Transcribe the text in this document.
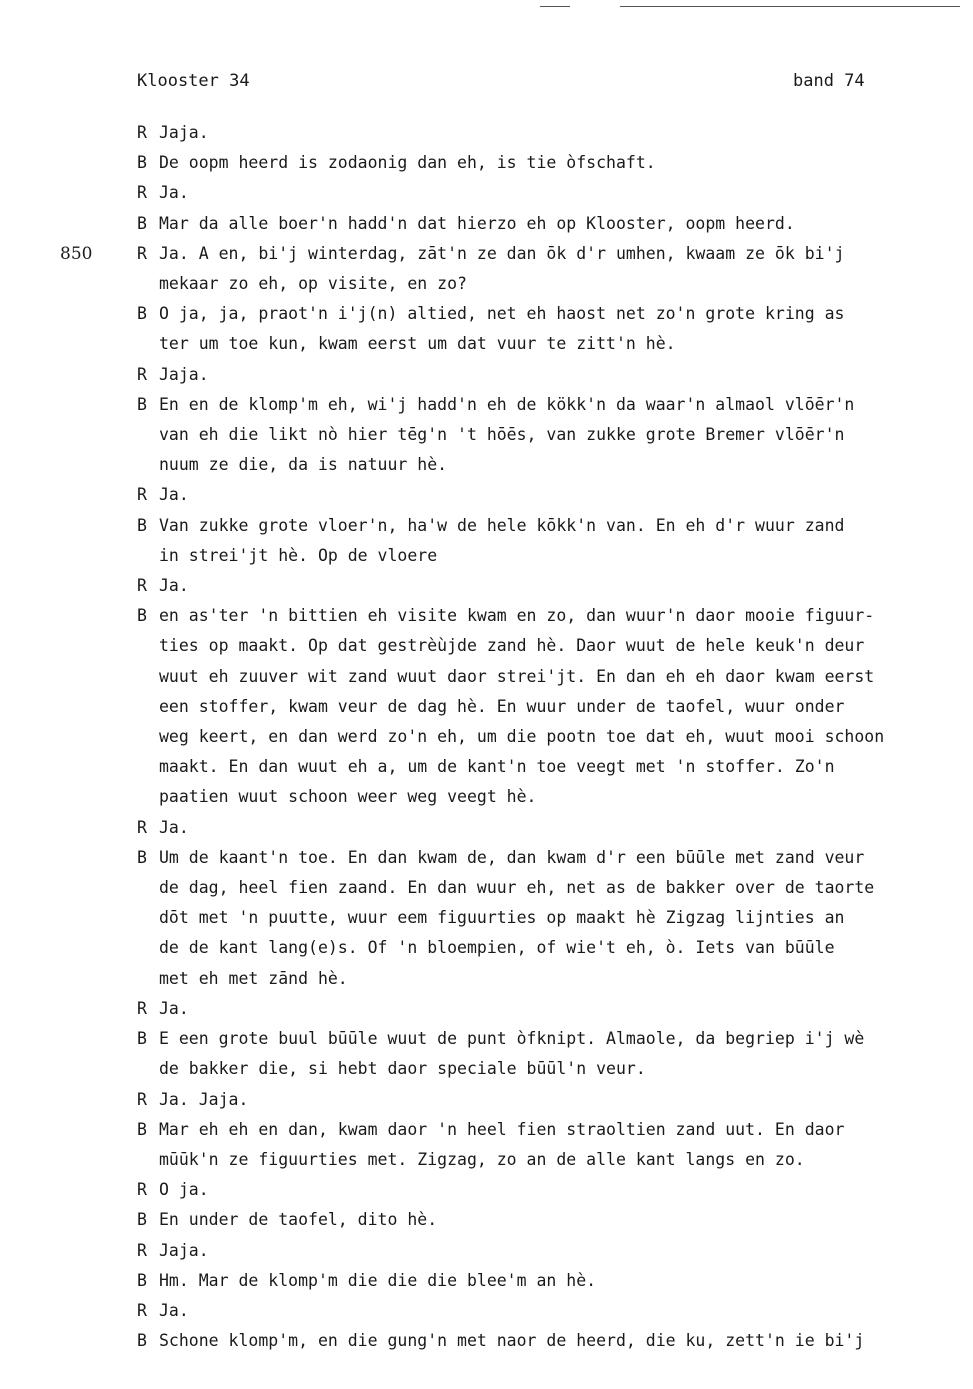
Klooster 34	band 74
850
R Jaja.
B De oopm heerd is zodaonig dan eh, is tie òfschaft.
R Ja.
B Mar da alle boer'n hadd'n dat hierzo eh op Klooster, oopm heerd.
R Ja. A en, bi'j winterdag, zāt'n ze dan ōk d'r umhen, kwaam ze ōk bi'j
mekaar zo eh, op visite, en zo?
B O ja, ja, praot'n i'j(n) altied, net eh haost net zo'n grote kring as
ter um toe kun, kwam eerst um dat vuur te zitt'n hè.
R Jaja.
B En en de klomp'm eh, wi'j hadd'n eh de kökk'n da waar'n almaol vlōēr'n
van eh die likt nò hier tēg'n 't hōēs, van zukke grote Bremer vlōēr'n
nuum ze die, da is natuur hè.
R Ja.
B Van zukke grote vloer'n, ha'w de hele kōkk'n van. En eh d'r wuur zand
in strei'jt hè. Op de vloere
R Ja.
B en as'ter 'n bittien eh visite kwam en zo, dan wuur'n daor mooie figuur-
ties op maakt. Op dat gestrèùjde zand hè. Daor wuut de hele keuk'n deur
wuut eh zuuver wit zand wuut daor strei'jt. En dan eh eh daor kwam eerst
een stoffer, kwam veur de dag hè. En wuur under de taofel, wuur onder
weg keert, en dan werd zo'n eh, um die pootn toe dat eh, wuut mooi schoon
maakt. En dan wuut eh a, um de kant'n toe veegt met 'n stoffer. Zo'n
paatien wuut schoon weer weg veegt hè.
R Ja.
B Um de kaant'n toe. En dan kwam de, dan kwam d'r een būūle met zand veur
de dag, heel fien zaand. En dan wuur eh, net as de bakker over de taorte
dōt met 'n puutte, wuur eem figuurties op maakt hè Zigzag lijnties an
de de kant lang(e)s. Of 'n bloempien, of wie't eh, ò. Iets van būūle
met eh met zānd hè.
R Ja.
B E een grote buul būūle wuut de punt òfknipt. Almaole, da begriep i'j wè
de bakker die, si hebt daor speciale būūl'n veur.
R Ja. Jaja.
B Mar eh eh en dan, kwam daor 'n heel fien straoltien zand uut. En daor
mūūk'n ze figuurties met. Zigzag, zo an de alle kant langs en zo.
R O ja.
B En under de taofel, dito hè.
R Jaja.
B Hm. Mar de klomp'm die die die blee'm an hè.
R Ja.
B Schone klomp'm, en die gung'n met naor de heerd, die ku, zett'n ie bi'j
